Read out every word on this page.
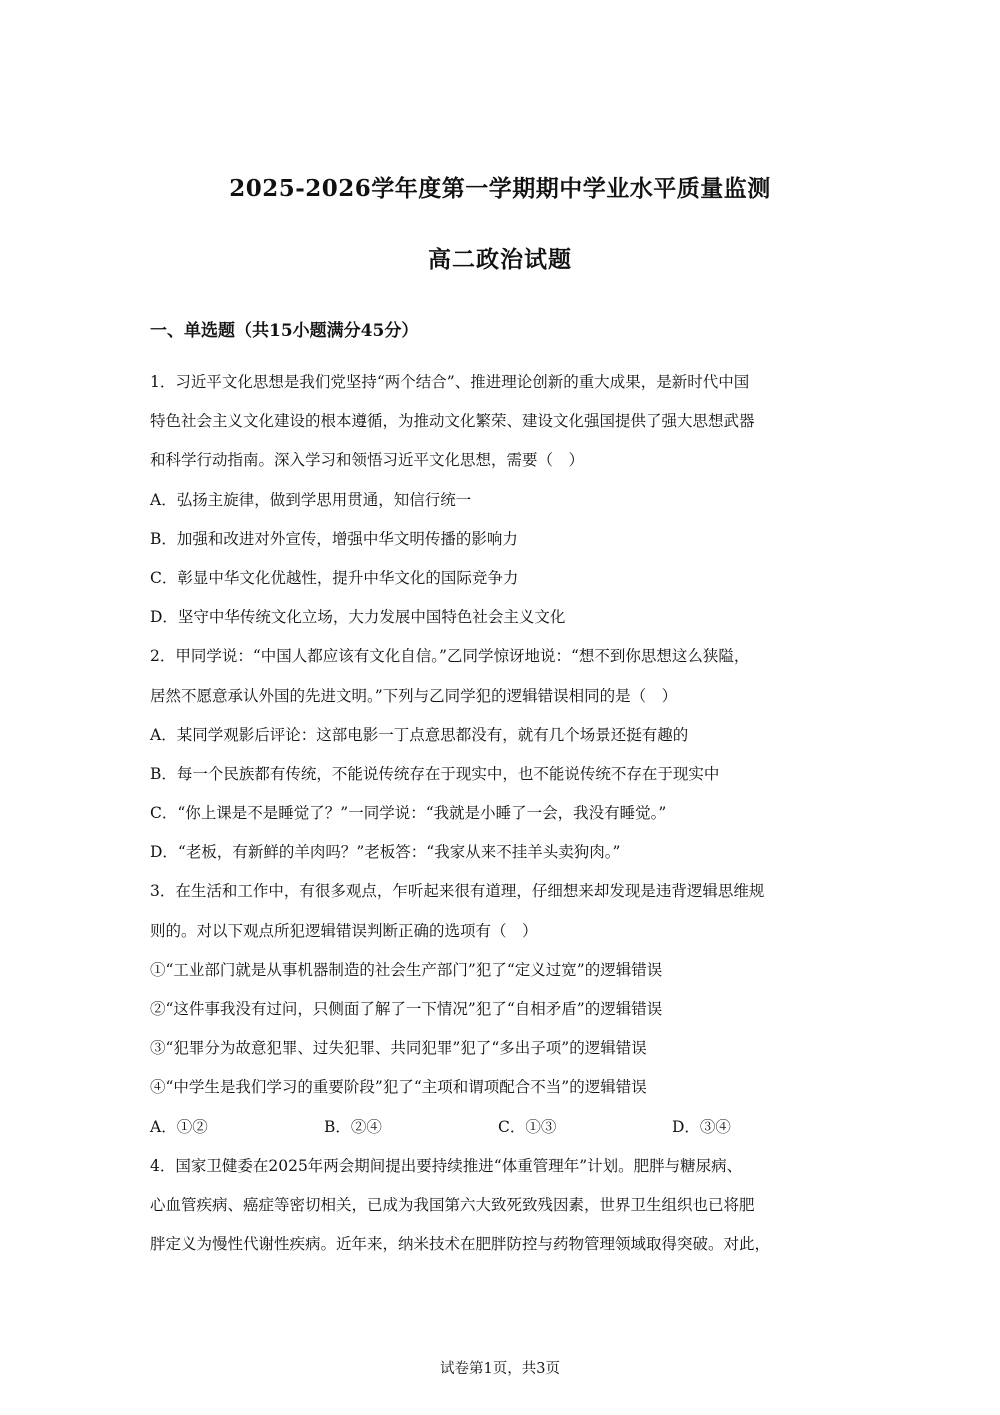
2025-2026学年度第一学期期中学业水平质量监测
高二政治试题
一、单选题（共15小题满分45分）
1．习近平文化思想是我们党坚持“两个结合”、推进理论创新的重大成果，是新时代中国
特色社会主义文化建设的根本遵循，为推动文化繁荣、建设文化强国提供了强大思想武器
和科学行动指南。深入学习和领悟习近平文化思想，需要（　）
A．弘扬主旋律，做到学思用贯通，知信行统一
B．加强和改进对外宣传，增强中华文明传播的影响力
C．彰显中华文化优越性，提升中华文化的国际竞争力
D．坚守中华传统文化立场，大力发展中国特色社会主义文化
2．甲同学说：“中国人都应该有文化自信。”乙同学惊讶地说：“想不到你思想这么狭隘，
居然不愿意承认外国的先进文明。”下列与乙同学犯的逻辑错误相同的是（　）
A．某同学观影后评论：这部电影一丁点意思都没有，就有几个场景还挺有趣的
B．每一个民族都有传统，不能说传统存在于现实中，也不能说传统不存在于现实中
C．“你上课是不是睡觉了？”一同学说：“我就是小睡了一会，我没有睡觉。”
D．“老板，有新鲜的羊肉吗？”老板答：“我家从来不挂羊头卖狗肉。”
3．在生活和工作中，有很多观点，乍听起来很有道理，仔细想来却发现是违背逻辑思维规
则的。对以下观点所犯逻辑错误判断正确的选项有（　）
①“工业部门就是从事机器制造的社会生产部门”犯了“定义过宽”的逻辑错误
②“这件事我没有过问，只侧面了解了一下情况”犯了“自相矛盾”的逻辑错误
③“犯罪分为故意犯罪、过失犯罪、共同犯罪”犯了“多出子项”的逻辑错误
④“中学生是我们学习的重要阶段”犯了“主项和谓项配合不当”的逻辑错误
A．①②	B．②④	C．①③	D．③④
4．国家卫健委在2025年两会期间提出要持续推进“体重管理年”计划。肥胖与糖尿病、
心血管疾病、癌症等密切相关，已成为我国第六大致死致残因素，世界卫生组织也已将肥
胖定义为慢性代谢性疾病。近年来，纳米技术在肥胖防控与药物管理领域取得突破。对此，
试卷第1页，共3页
